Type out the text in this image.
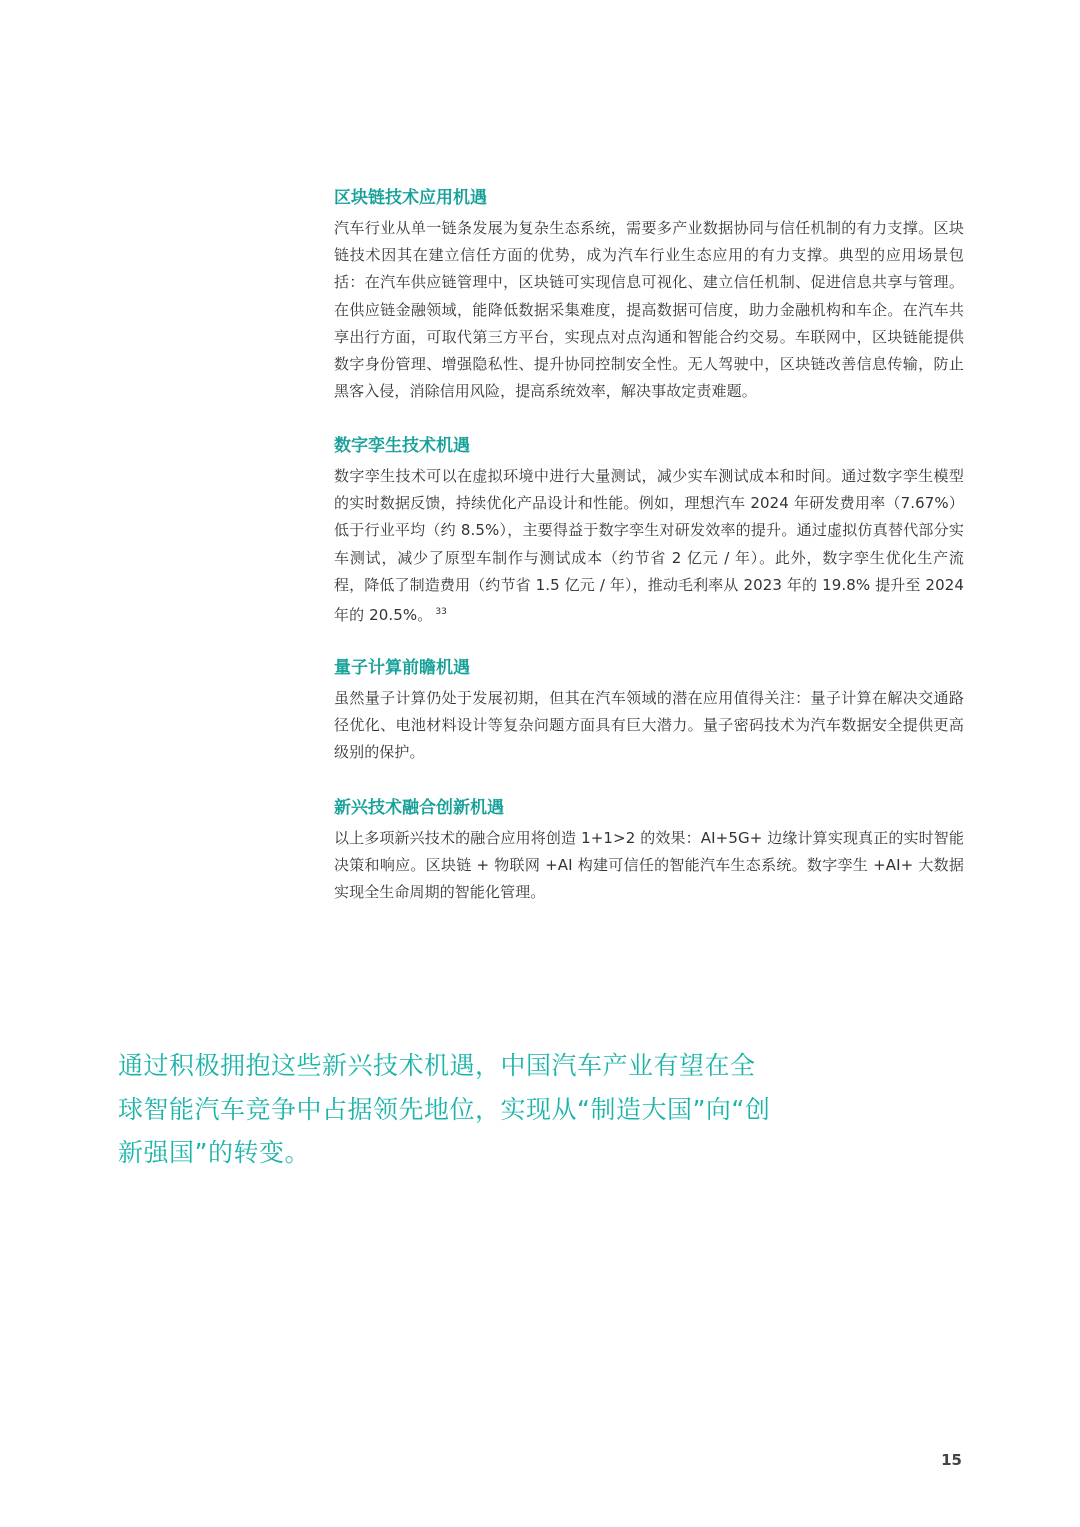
区块链技术应用机遇

汽车行业从单一链条发展为复杂生态系统，需要多产业数据协同与信任机制的有力支撑。区块链技术因其在建立信任方面的优势，成为汽车行业生态应用的有力支撑。典型的应用场景包括：在汽车供应链管理中，区块链可实现信息可视化、建立信任机制、促进信息共享与管理。在供应链金融领域，能降低数据采集难度，提高数据可信度，助力金融机构和车企。在汽车共享出行方面，可取代第三方平台，实现点对点沟通和智能合约交易。车联网中，区块链能提供数字身份管理、增强隐私性、提升协同控制安全性。无人驾驶中，区块链改善信息传输，防止黑客入侵，消除信用风险，提高系统效率，解决事故定责难题。

数字孪生技术机遇

数字孪生技术可以在虚拟环境中进行大量测试，减少实车测试成本和时间。通过数字孪生模型的实时数据反馈，持续优化产品设计和性能。例如，理想汽车 2024 年研发费用率（7.67%）低于行业平均（约 8.5%），主要得益于数字孪生对研发效率的提升。通过虚拟仿真替代部分实车测试，减少了原型车制作与测试成本（约节省 2 亿元 / 年）。此外，数字孪生优化生产流程，降低了制造费用（约节省 1.5 亿元 / 年），推动毛利率从 2023 年的 19.8% 提升至 2024 年的 20.5%。 $^{33}$

量子计算前瞻机遇

虽然量子计算仍处于发展初期，但其在汽车领域的潜在应用值得关注：量子计算在解决交通路径优化、电池材料设计等复杂问题方面具有巨大潜力。量子密码技术为汽车数据安全提供更高级别的保护。

新兴技术融合创新机遇

以上多项新兴技术的融合应用将创造 1+1>2 的效果：AI+5G+ 边缘计算实现真正的实时智能决策和响应。区块链 + 物联网 +AI 构建可信任的智能汽车生态系统。数字孪生 +AI+ 大数据实现全生命周期的智能化管理。

通过积极拥抱这些新兴技术机遇，中国汽车产业有望在全球智能汽车竞争中占据领先地位，实现从“制造大国”向“创新强国”的转变。

15
